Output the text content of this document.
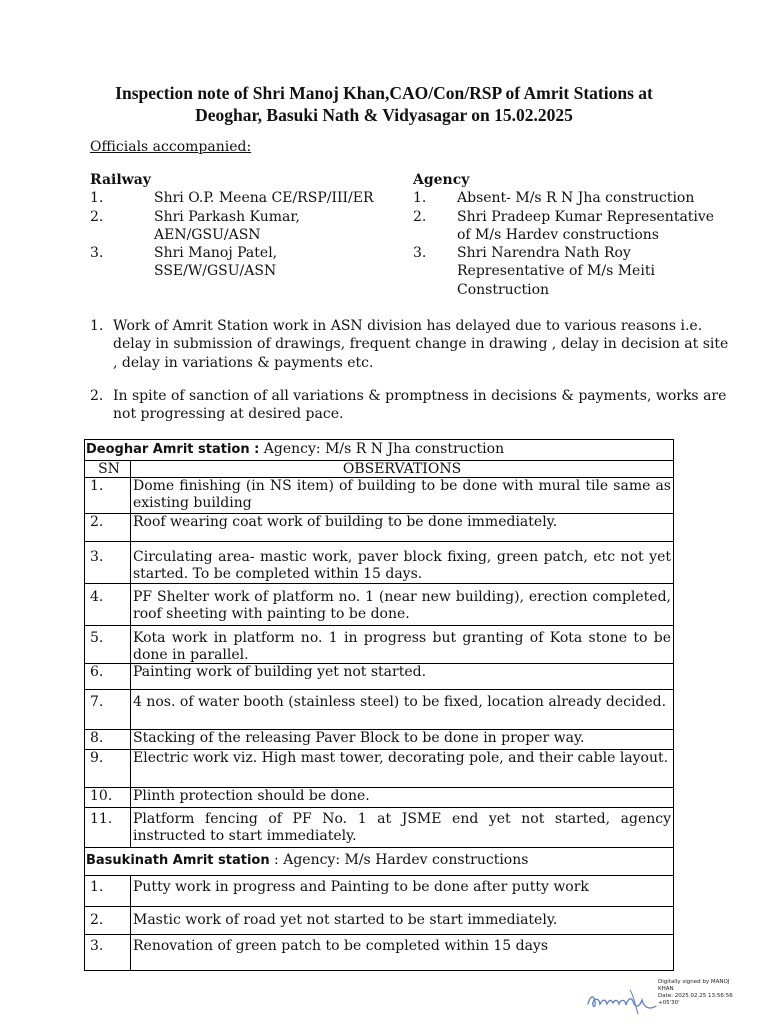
Inspection note of Shri Manoj Khan,CAO/Con/RSP of Amrit Stations at
Deoghar, Basuki Nath & Vidyasagar on 15.02.2025
Officials accompanied:
Railway
1.	Shri O.P. Meena CE/RSP/III/ER
2.	Shri Parkash Kumar, AEN/GSU/ASN
3.	Shri Manoj Patel, SSE/W/GSU/ASN
Agency
1.	Absent- M/s R N Jha construction
2.	Shri Pradeep Kumar Representative of M/s Hardev constructions
3.	Shri Narendra Nath Roy Representative of M/s Meiti Construction
1. Work of Amrit Station work in ASN division has delayed due to various reasons i.e. delay in submission of drawings, frequent change in drawing , delay in decision at site , delay in variations & payments etc.
2. In spite of sanction of all variations & promptness in decisions & payments, works are not progressing at desired pace.
Deoghar Amrit station : Agency: M/s R N Jha construction	
SN	OBSERVATIONS
1.	Dome finishing (in NS item) of building to be done with mural tile same as existing building
2.	Roof wearing coat work of building to be done immediately.
3.	Circulating area- mastic work, paver block fixing, green patch, etc not yet started. To be completed within 15 days.
4.	PF Shelter work of platform no. 1 (near new building), erection completed, roof sheeting with painting to be done.
5.	Kota work in platform no. 1 in progress but granting of Kota stone to be done in parallel.
6.	Painting work of building yet not started.
7.	4 nos. of water booth (stainless steel) to be fixed, location already decided.
8.	Stacking of the releasing Paver Block to be done in proper way.
9.	Electric work viz. High mast tower, decorating pole, and their cable layout.
10.	Plinth protection should be done.
11.	Platform fencing of PF No. 1 at JSME end yet not started, agency instructed to start immediately.
Basukinath Amrit station : Agency: M/s Hardev constructions	
1.	Putty work in progress and Painting to be done after putty work
2.	Mastic work of road yet not started to be start immediately.
3.	Renovation of green patch to be completed within 15 days
Digitally signed by MANOJ
KHAN
Date: 2025.02.25 13:56:56
+05'30'
